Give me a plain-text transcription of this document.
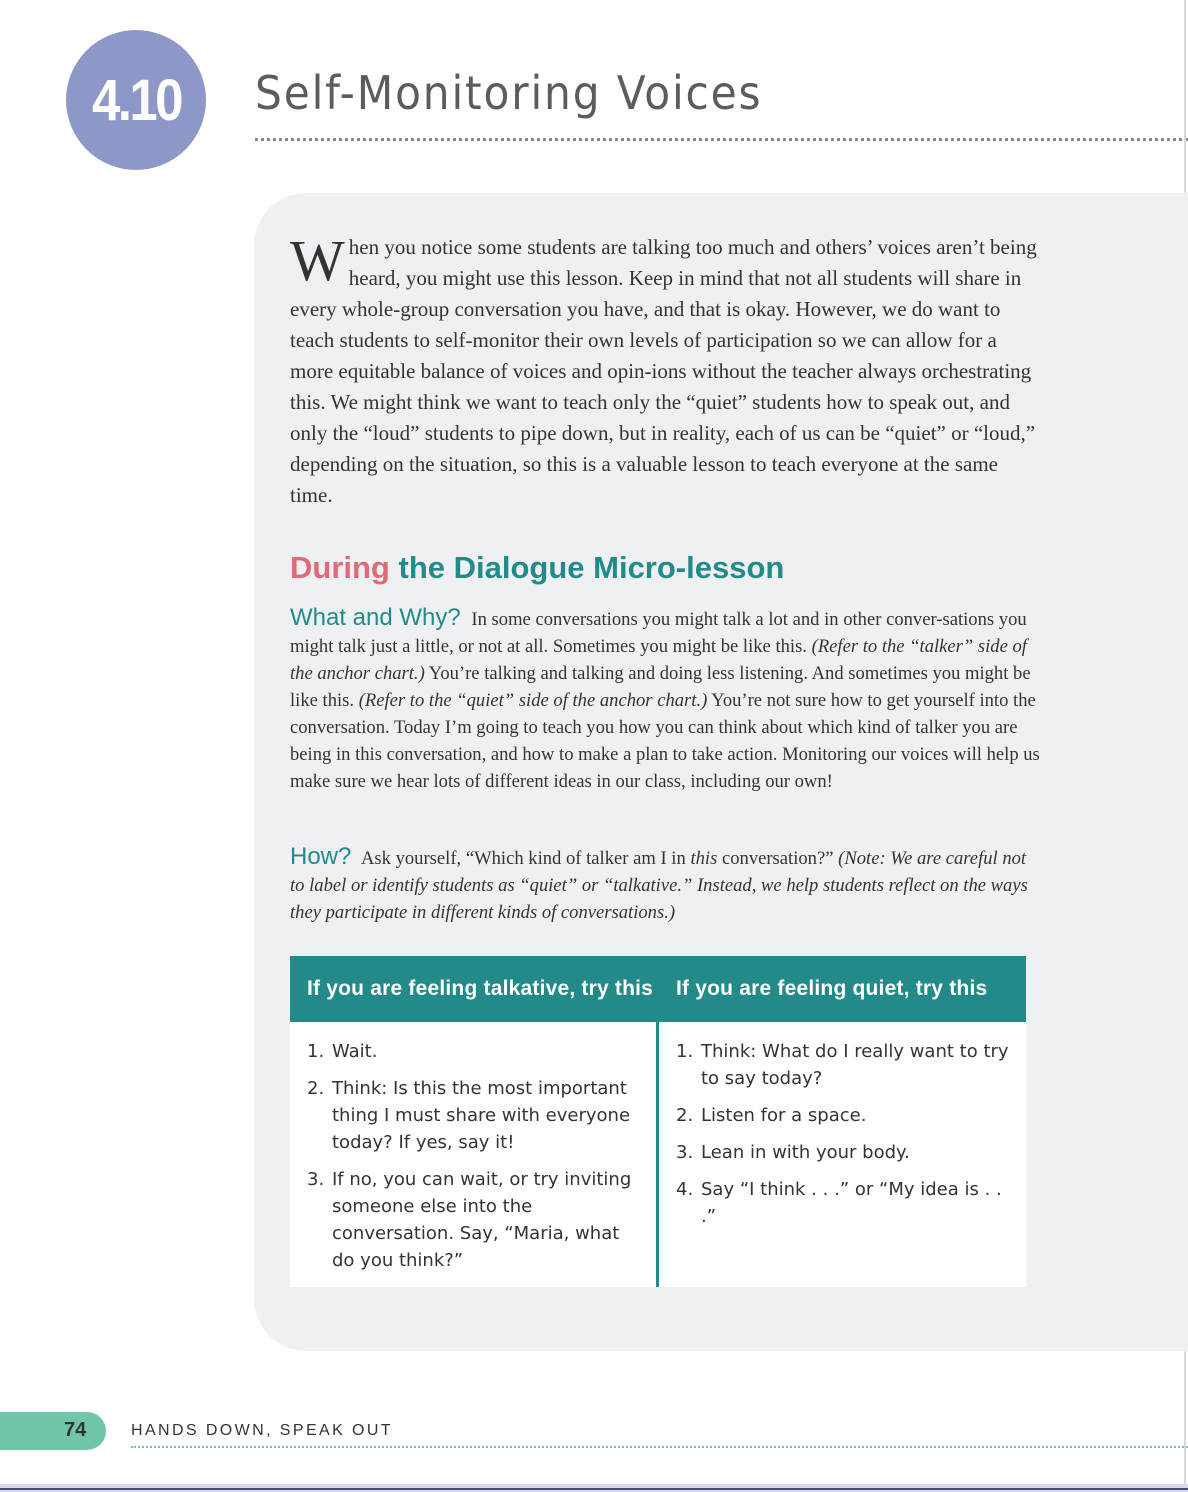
4.10 Self-Monitoring Voices

When you notice some students are talking too much and others’ voices aren’t being heard, you might use this lesson. Keep in mind that not all students will share in every whole-group conversation you have, and that is okay. However, we do want to teach students to self-monitor their own levels of participation so we can allow for a more equitable balance of voices and opin-ions without the teacher always orchestrating this. We might think we want to teach only the “quiet” students how to speak out, and only the “loud” students to pipe down, but in reality, each of us can be “quiet” or “loud,” depending on the situation, so this is a valuable lesson to teach everyone at the same time.

During the Dialogue Micro-lesson

What and Why? In some conversations you might talk a lot and in other conver-sations you might talk just a little, or not at all. Sometimes you might be like this. (Refer to the “talker” side of the anchor chart.) You’re talking and talking and doing less listening. And sometimes you might be like this. (Refer to the “quiet” side of the anchor chart.) You’re not sure how to get yourself into the conversation. Today I’m going to teach you how you can think about which kind of talker you are being in this conversation, and how to make a plan to take action. Monitoring our voices will help us make sure we hear lots of different ideas in our class, including our own!

How? Ask yourself, “Which kind of talker am I in this conversation?” (Note: We are careful not to label or identify students as “quiet” or “talkative.” Instead, we help students reflect on the ways they participate in different kinds of conversations.)

If you are feeling talkative, try this
1. Wait.
2. Think: Is this the most important thing I must share with everyone today? If yes, say it!
3. If no, you can wait, or try inviting someone else into the conversation. Say, “Maria, what do you think?”
If you are feeling quiet, try this
1. Think: What do I really want to try to say today?
2. Listen for a space.
3. Lean in with your body.
4. Say “I think . . .” or “My idea is . . .”
74	HANDS DOWN, SPEAK OUT
